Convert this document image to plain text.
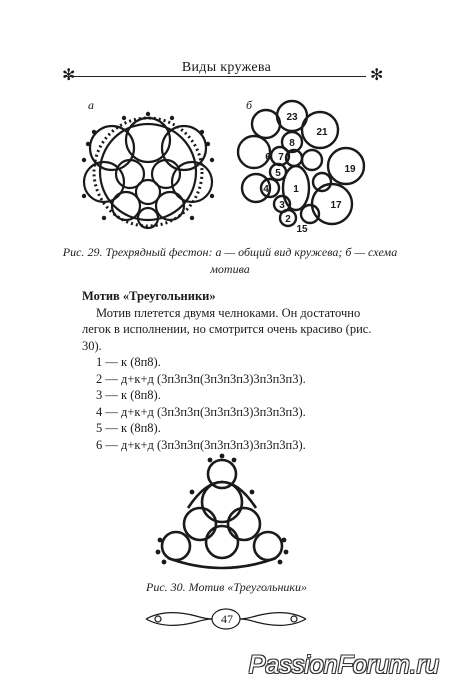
✻	Виды кружева	✻
а	б
23
21
8
6 7
5
4 1
3
2
19
17
15
Рис. 29. Трехрядный фестон: а — общий вид кружева; б — схема мотива

Мотив «Треугольники»

Мотив плетется двумя челноками. Он достаточно легок в исполнении, но смотрится очень красиво (рис. 30).

1 — к (8п8).

2 — д+к+д (3п3п3п(3п3п3п3)3п3п3п3).

3 — к (8п8).

4 — д+к+д (3п3п3п(3п3п3п3)3п3п3п3).

5 — к (8п8).

6 — д+к+д (3п3п3п(3п3п3п3)3п3п3п3).

Рис. 30. Мотив «Треугольники»
47
PassionForum.ru
